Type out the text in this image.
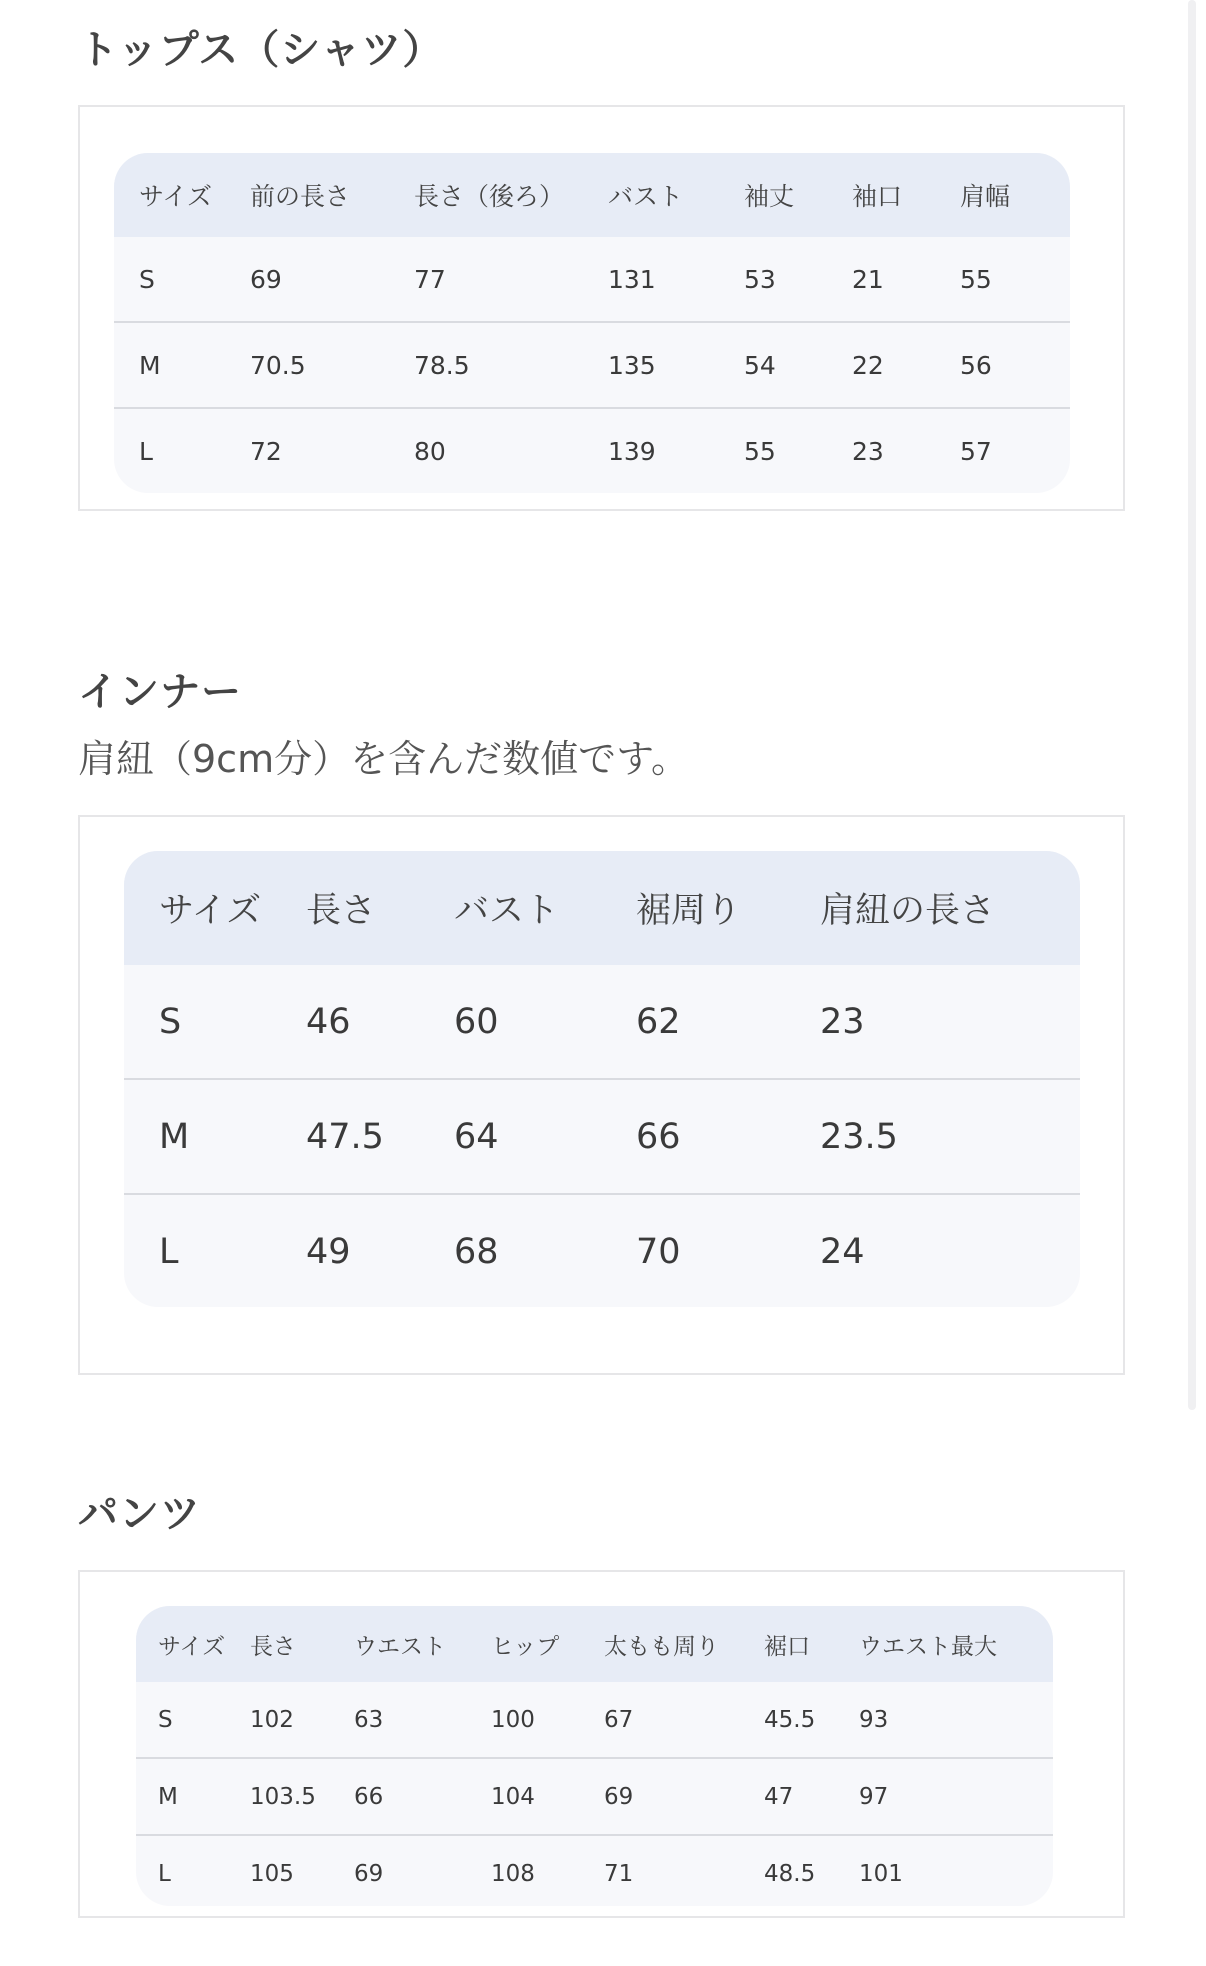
トップス（シャツ）
サイズ	前の長さ	長さ（後ろ）	バスト	袖丈	袖口	肩幅
S	69	77	131	53	21	55
M	70.5	78.5	135	54	22	56
L	72	80	139	55	23	57
インナー

肩紐（9cm分）を含んだ数値です。

サイズ	長さ	バスト	裾周り	肩紐の長さ
S	46	60	62	23
M	47.5	64	66	23.5
L	49	68	70	24
パンツ
サイズ	長さ	ウエスト	ヒップ	太もも周り	裾口	ウエスト最大
S	102	63	100	67	45.5	93
M	103.5	66	104	69	47	97
L	105	69	108	71	48.5	101
